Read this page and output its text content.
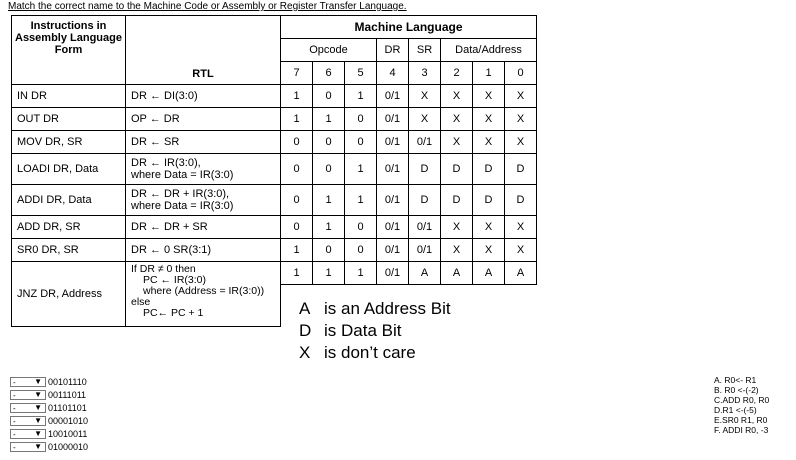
Match the correct name to the Machine Code or Assembly or Register Transfer Language.
Instructions in Assembly Language Form	RTL	Machine Language							
		Opcode			DR	SR	Data/Address		
		7	6	5	4	3	2	1	0
IN DR	DR ← DI(3:0)	1	0	1	0/1	X	X	X	X
OUT DR	OP ← DR	1	1	0	0/1	X	X	X	X
MOV DR, SR	DR ← SR	0	0	0	0/1	0/1	X	X	X
LOADI DR, Data	DR ← IR(3:0),
where Data = IR(3:0)	0	0	1	0/1	D	D	D	D
ADDI DR, Data	DR ← DR + IR(3:0),
where Data = IR(3:0)	0	1	1	0/1	D	D	D	D
ADD DR, SR	DR ← DR + SR	0	1	0	0/1	0/1	X	X	X
SR0 DR, SR	DR ← 0 SR(3:1)	1	0	0	0/1	0/1	X	X	X
JNZ DR, Address	If DR ≠ 0 then
PC ← IR(3:0)
where (Address = IR(3:0))
else
PC← PC + 1	1	1	1	0/1	A	A	A	A

A is an Address Bit
D is Data Bit
X is don’t care
- ▼ 00101110
- ▼ 00111011
- ▼ 01101101
- ▼ 00001010
- ▼ 10010011
- ▼ 01000010
A. R0<- R1
B. R0 <-(-2)
C.ADD R0, R0
D.R1 <-(-5)
E.SR0 R1, R0
F. ADDI R0, -3
